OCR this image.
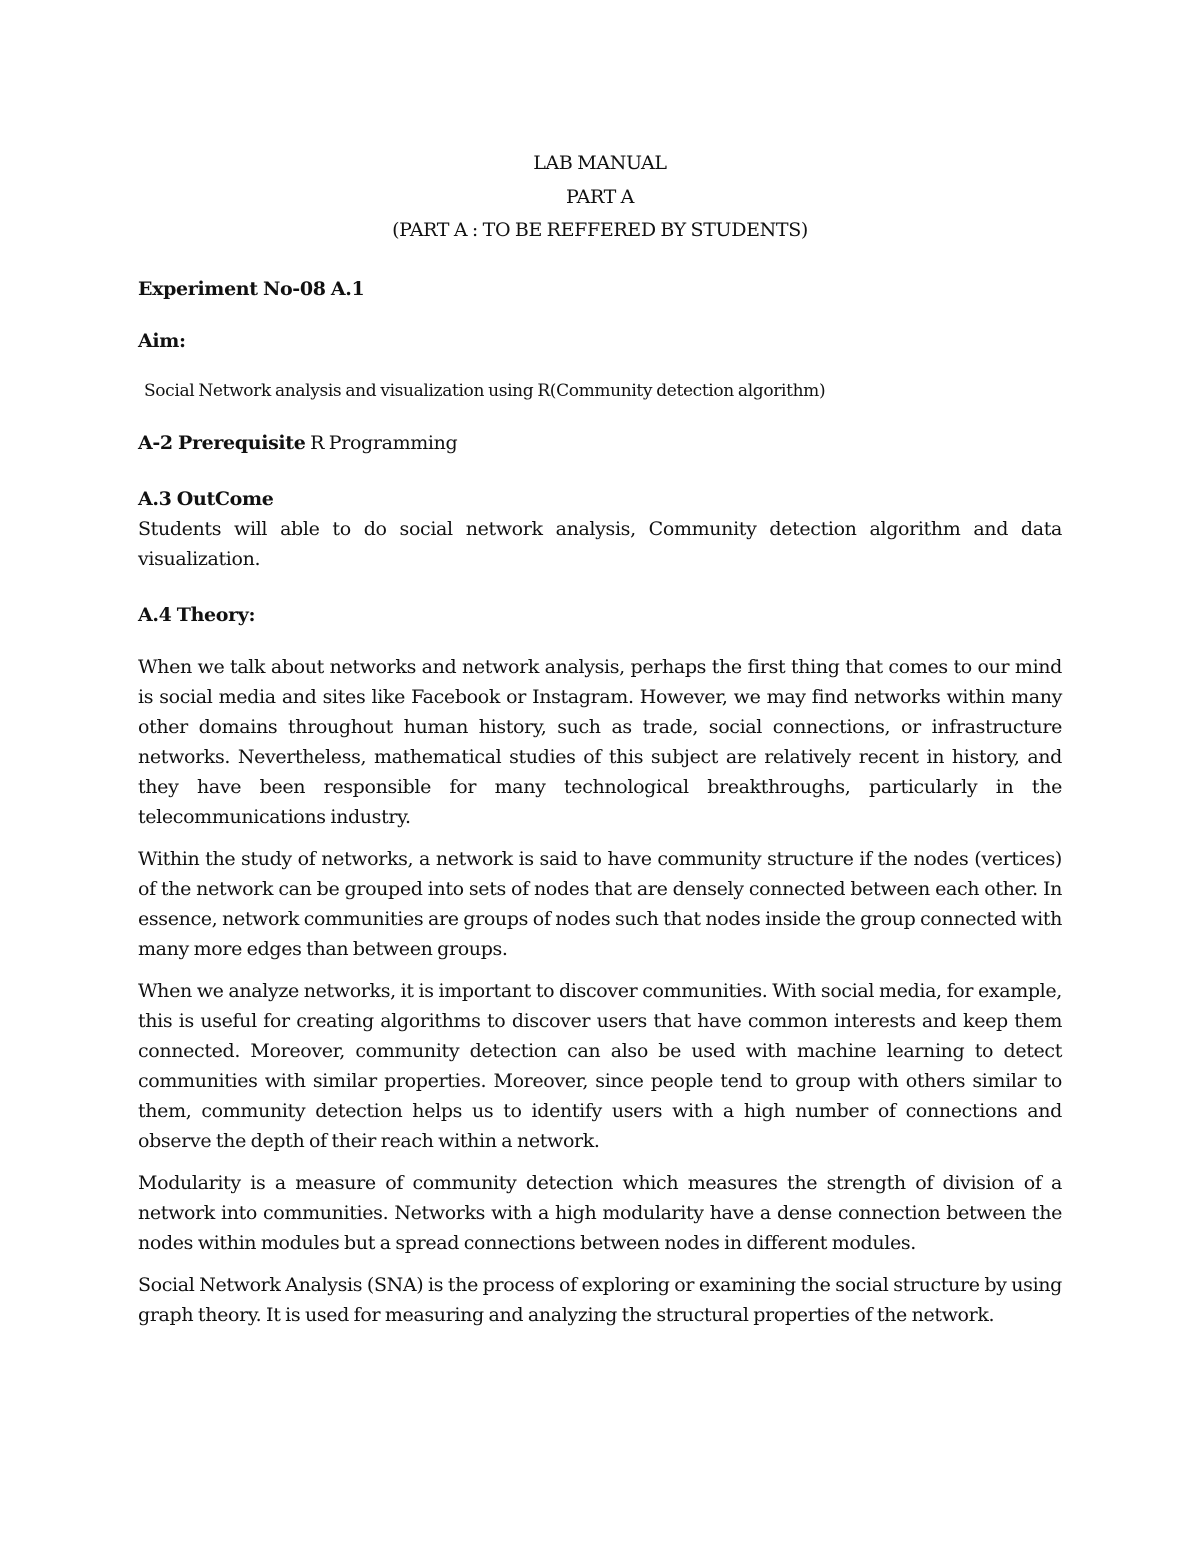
LAB MANUAL
PART A
(PART A : TO BE REFFERED BY STUDENTS)
Experiment No-08 A.1
Aim:
Social Network analysis and visualization using R(Community detection algorithm)
A-2 Prerequisite R Programming
A.3 OutCome
Students will able to do social network analysis, Community detection algorithm and data visualization.
A.4 Theory:

When we talk about networks and network analysis, perhaps the first thing that comes to our mind is social media and sites like Facebook or Instagram. However, we may find networks within many other domains throughout human history, such as trade, social connections, or infrastructure networks. Nevertheless, mathematical studies of this subject are relatively recent in history, and they have been responsible for many technological breakthroughs, particularly in the telecommunications industry.

Within the study of networks, a network is said to have community structure if the nodes (vertices) of the network can be grouped into sets of nodes that are densely connected between each other. In essence, network communities are groups of nodes such that nodes inside the group connected with many more edges than between groups.

When we analyze networks, it is important to discover communities. With social media, for example, this is useful for creating algorithms to discover users that have common interests and keep them connected. Moreover, community detection can also be used with machine learning to detect communities with similar properties. Moreover, since people tend to group with others similar to them, community detection helps us to identify users with a high number of connections and observe the depth of their reach within a network.

Modularity is a measure of community detection which measures the strength of division of a network into communities. Networks with a high modularity have a dense connection between the nodes within modules but a spread connections between nodes in different modules.

Social Network Analysis (SNA) is the process of exploring or examining the social structure by using graph theory. It is used for measuring and analyzing the structural properties of the network.
